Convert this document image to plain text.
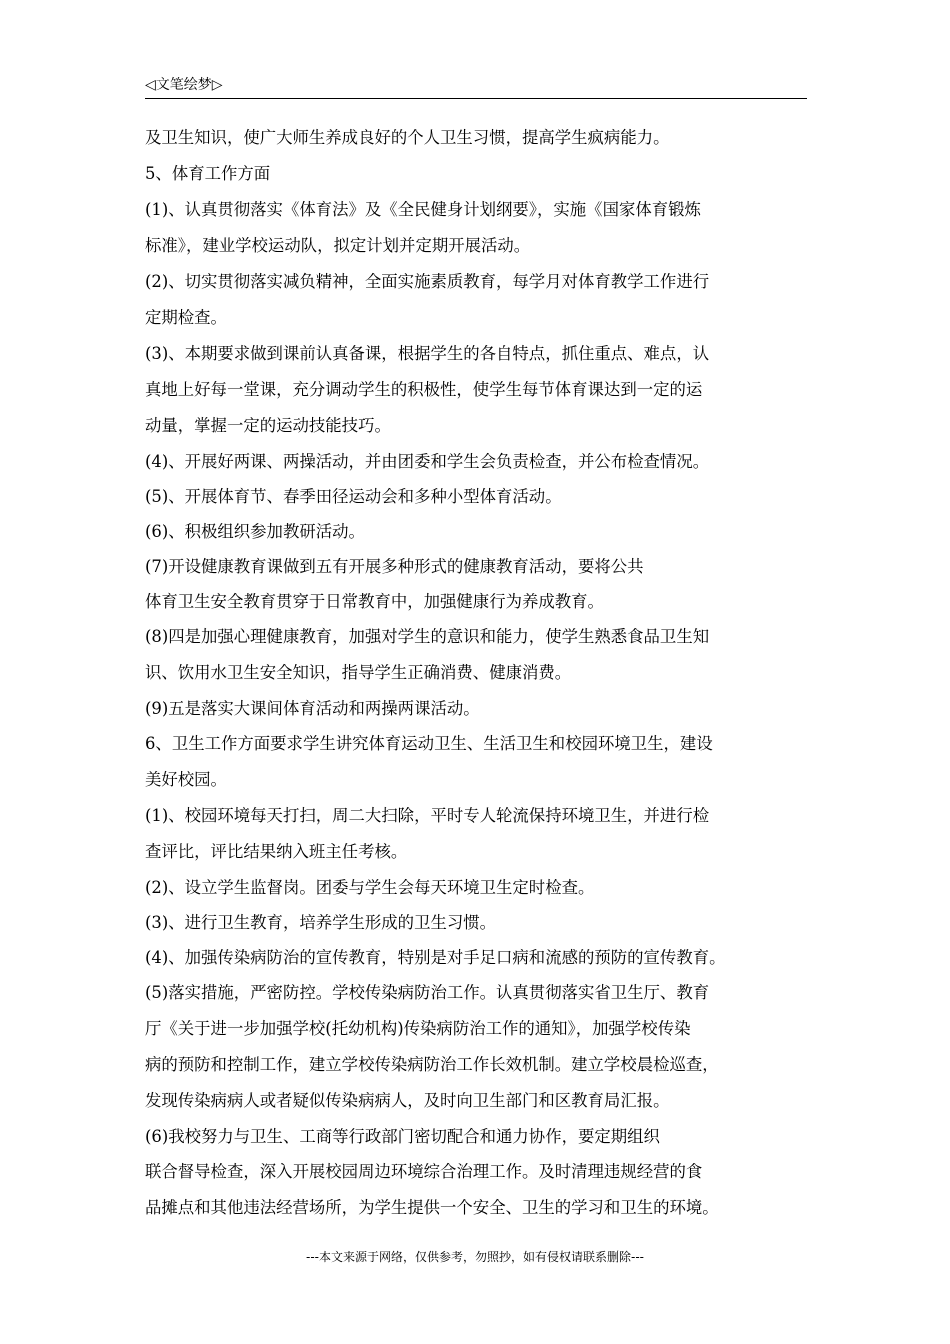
◁文笔绘梦▷
及卫生知识，使广大师生养成良好的个人卫生习惯，提高学生疯病能力。
5、体育工作方面
(1)、认真贯彻落实《体育法》及《全民健身计划纲要》，实施《国家体育锻炼
标准》，建业学校运动队，拟定计划并定期开展活动。
(2)、切实贯彻落实减负精神，全面实施素质教育，每学月对体育教学工作进行
定期检查。
(3)、本期要求做到课前认真备课，根据学生的各自特点，抓住重点、难点，认
真地上好每一堂课，充分调动学生的积极性，使学生每节体育课达到一定的运
动量，掌握一定的运动技能技巧。
(4)、开展好两课、两操活动，并由团委和学生会负责检查，并公布检查情况。
(5)、开展体育节、春季田径运动会和多种小型体育活动。
(6)、积极组织参加教研活动。
(7)开设健康教育课做到五有开展多种形式的健康教育活动，要将公共
体育卫生安全教育贯穿于日常教育中，加强健康行为养成教育。
(8)四是加强心理健康教育，加强对学生的意识和能力，使学生熟悉食品卫生知
识、饮用水卫生安全知识，指导学生正确消费、健康消费。
(9)五是落实大课间体育活动和两操两课活动。
6、卫生工作方面要求学生讲究体育运动卫生、生活卫生和校园环境卫生，建设
美好校园。
(1)、校园环境每天打扫，周二大扫除，平时专人轮流保持环境卫生，并进行检
查评比，评比结果纳入班主任考核。
(2)、设立学生监督岗。团委与学生会每天环境卫生定时检查。
(3)、进行卫生教育，培养学生形成的卫生习惯。
(4)、加强传染病防治的宣传教育，特别是对手足口病和流感的预防的宣传教育。
(5)落实措施，严密防控。学校传染病防治工作。认真贯彻落实省卫生厅、教育
厅《关于进一步加强学校(托幼机构)传染病防治工作的通知》，加强学校传染
病的预防和控制工作，建立学校传染病防治工作长效机制。建立学校晨检巡查，
发现传染病病人或者疑似传染病病人，及时向卫生部门和区教育局汇报。
(6)我校努力与卫生、工商等行政部门密切配合和通力协作，要定期组织
联合督导检查，深入开展校园周边环境综合治理工作。及时清理违规经营的食
品摊点和其他违法经营场所，为学生提供一个安全、卫生的学习和卫生的环境。
---本文来源于网络，仅供参考，勿照抄，如有侵权请联系删除---
